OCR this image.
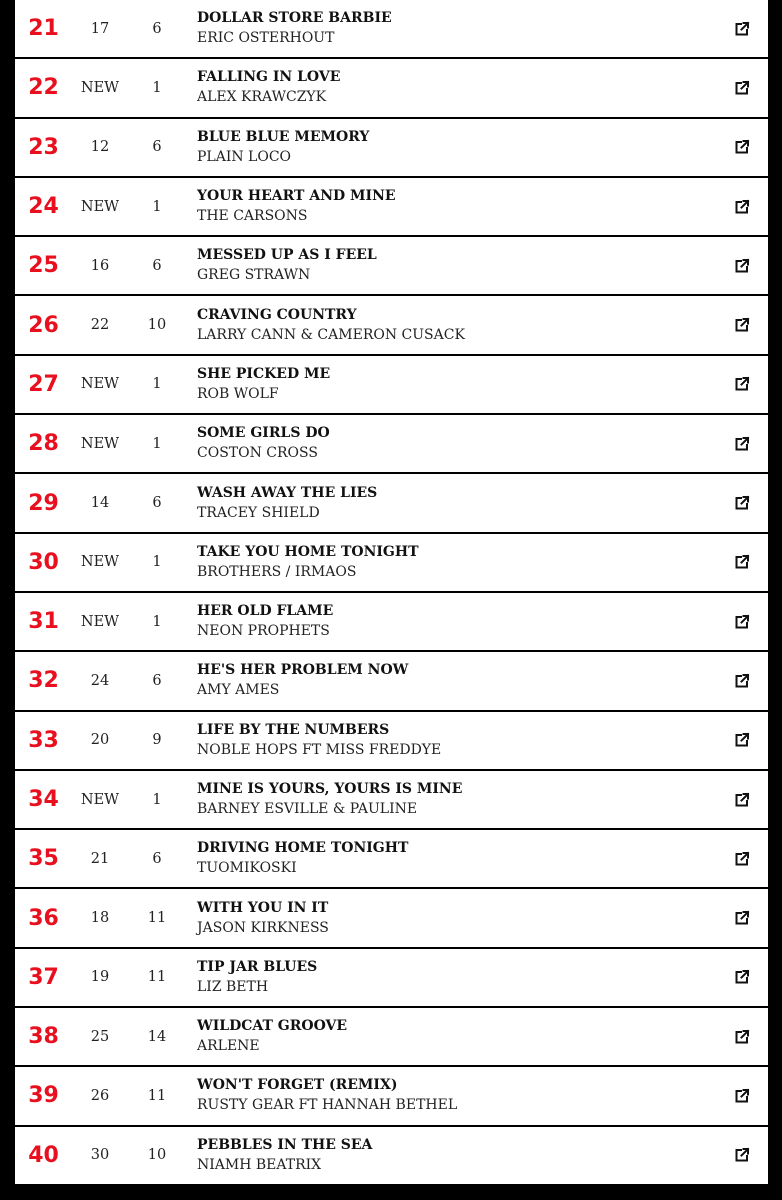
21	17	6
DOLLAR STORE BARBIE
ERIC OSTERHOUT
22	NEW	1
FALLING IN LOVE
ALEX KRAWCZYK
23	12	6
BLUE BLUE MEMORY
PLAIN LOCO
24	NEW	1
YOUR HEART AND MINE
THE CARSONS
25	16	6
MESSED UP AS I FEEL
GREG STRAWN
26	22	10
CRAVING COUNTRY
LARRY CANN & CAMERON CUSACK
27	NEW	1
SHE PICKED ME
ROB WOLF
28	NEW	1
SOME GIRLS DO
COSTON CROSS
29	14	6
WASH AWAY THE LIES
TRACEY SHIELD
30	NEW	1
TAKE YOU HOME TONIGHT
BROTHERS / IRMAOS
31	NEW	1
HER OLD FLAME
NEON PROPHETS
32	24	6
HE'S HER PROBLEM NOW
AMY AMES
33	20	9
LIFE BY THE NUMBERS
NOBLE HOPS FT MISS FREDDYE
34	NEW	1
MINE IS YOURS, YOURS IS MINE
BARNEY ESVILLE & PAULINE
35	21	6
DRIVING HOME TONIGHT
TUOMIKOSKI
36	18	11
WITH YOU IN IT
JASON KIRKNESS
37	19	11
TIP JAR BLUES
LIZ BETH
38	25	14
WILDCAT GROOVE
ARLENE
39	26	11
WON'T FORGET (REMIX)
RUSTY GEAR FT HANNAH BETHEL
40	30	10
PEBBLES IN THE SEA
NIAMH BEATRIX
